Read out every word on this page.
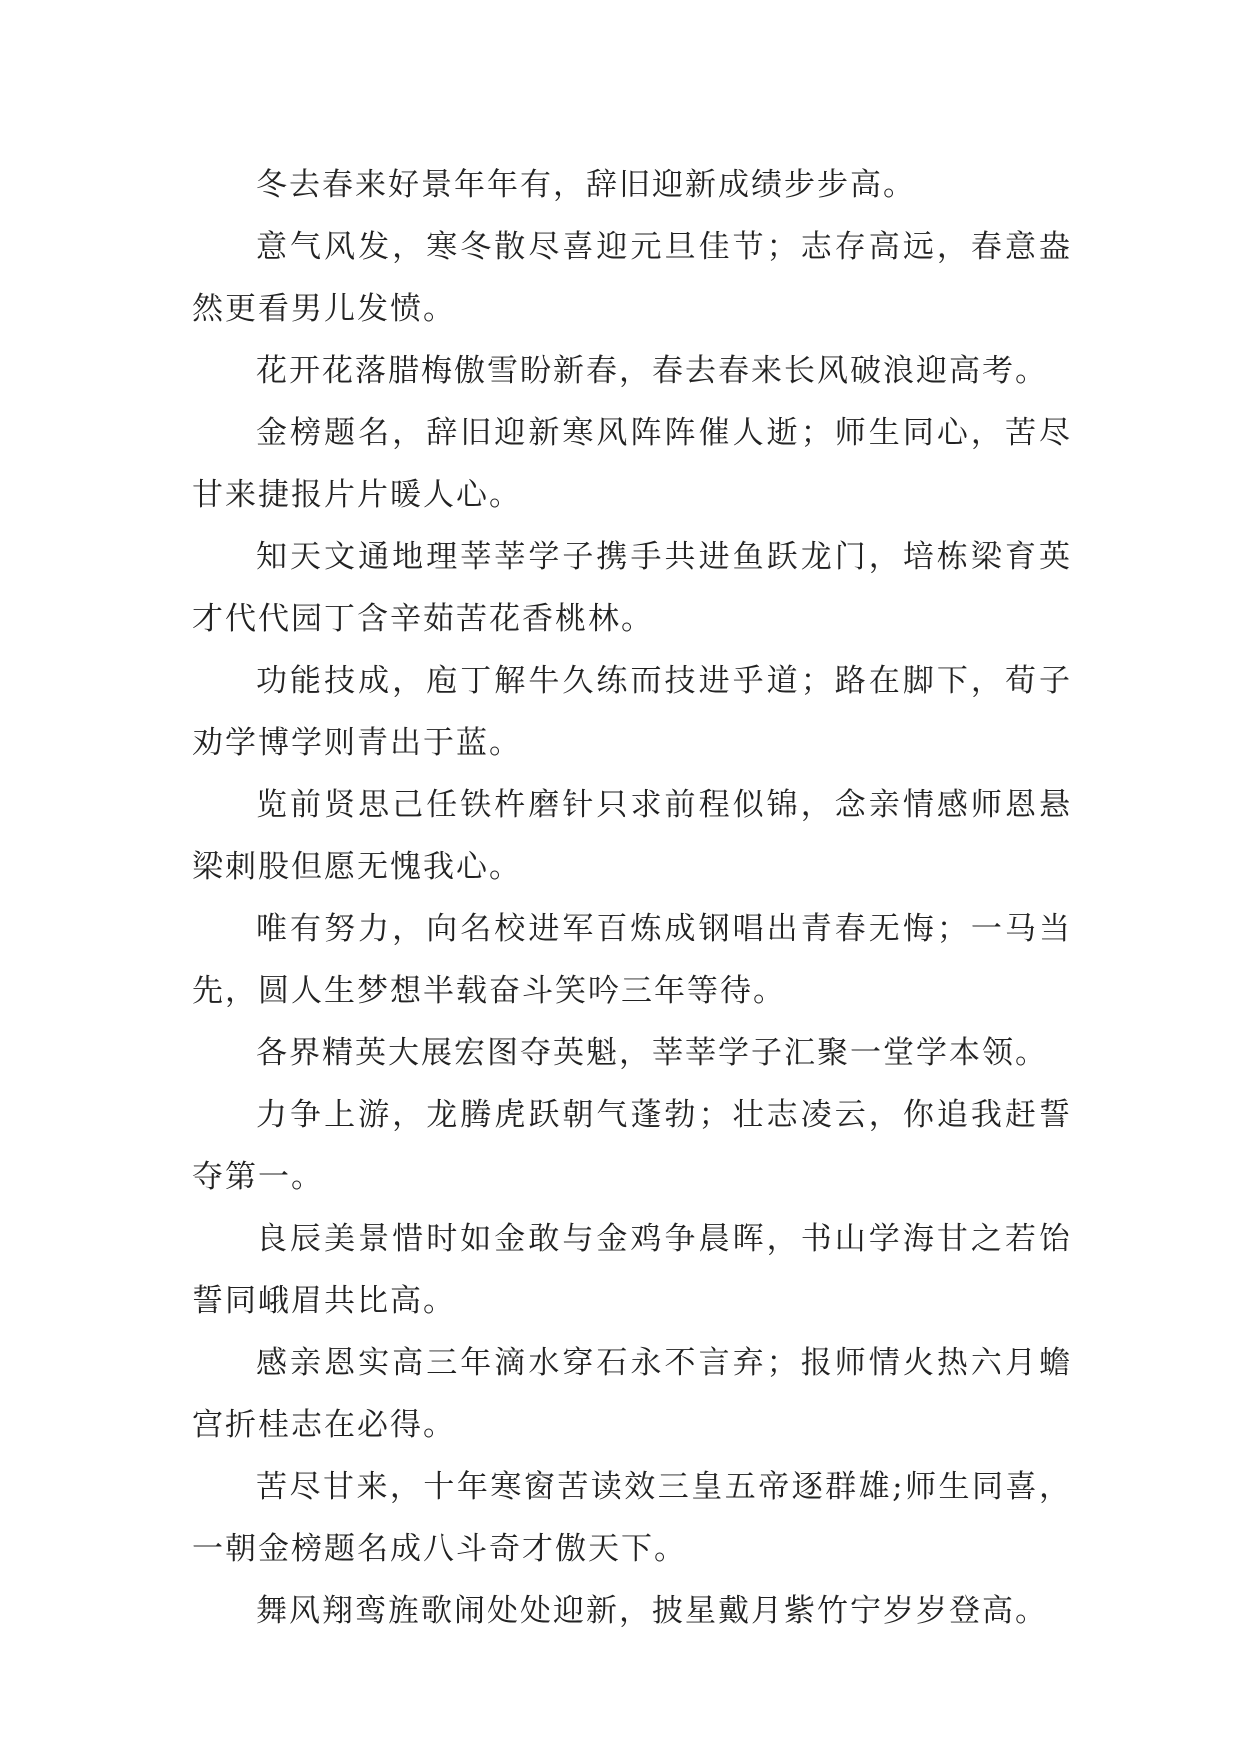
冬去春来好景年年有，辞旧迎新成绩步步高。

意气风发，寒冬散尽喜迎元旦佳节；志存高远，春意盎然更看男儿发愤。

花开花落腊梅傲雪盼新春，春去春来长风破浪迎高考。

金榜题名，辞旧迎新寒风阵阵催人逝；师生同心，苦尽甘来捷报片片暖人心。

知天文通地理莘莘学子携手共进鱼跃龙门，培栋梁育英才代代园丁含辛茹苦花香桃林。

功能技成，庖丁解牛久练而技进乎道；路在脚下，荀子劝学博学则青出于蓝。

览前贤思己任铁杵磨针只求前程似锦，念亲情感师恩悬梁刺股但愿无愧我心。

唯有努力，向名校进军百炼成钢唱出青春无悔；一马当先，圆人生梦想半载奋斗笑吟三年等待。

各界精英大展宏图夺英魁，莘莘学子汇聚一堂学本领。

力争上游，龙腾虎跃朝气蓬勃；壮志凌云，你追我赶誓夺第一。

良辰美景惜时如金敢与金鸡争晨晖，书山学海甘之若饴誓同峨眉共比高。

感亲恩实高三年滴水穿石永不言弃；报师情火热六月蟾宫折桂志在必得。

苦尽甘来，十年寒窗苦读效三皇五帝逐群雄;师生同喜，一朝金榜题名成八斗奇才傲天下。

舞风翔鸾旌歌闹处处迎新，披星戴月紫竹宁岁岁登高。
